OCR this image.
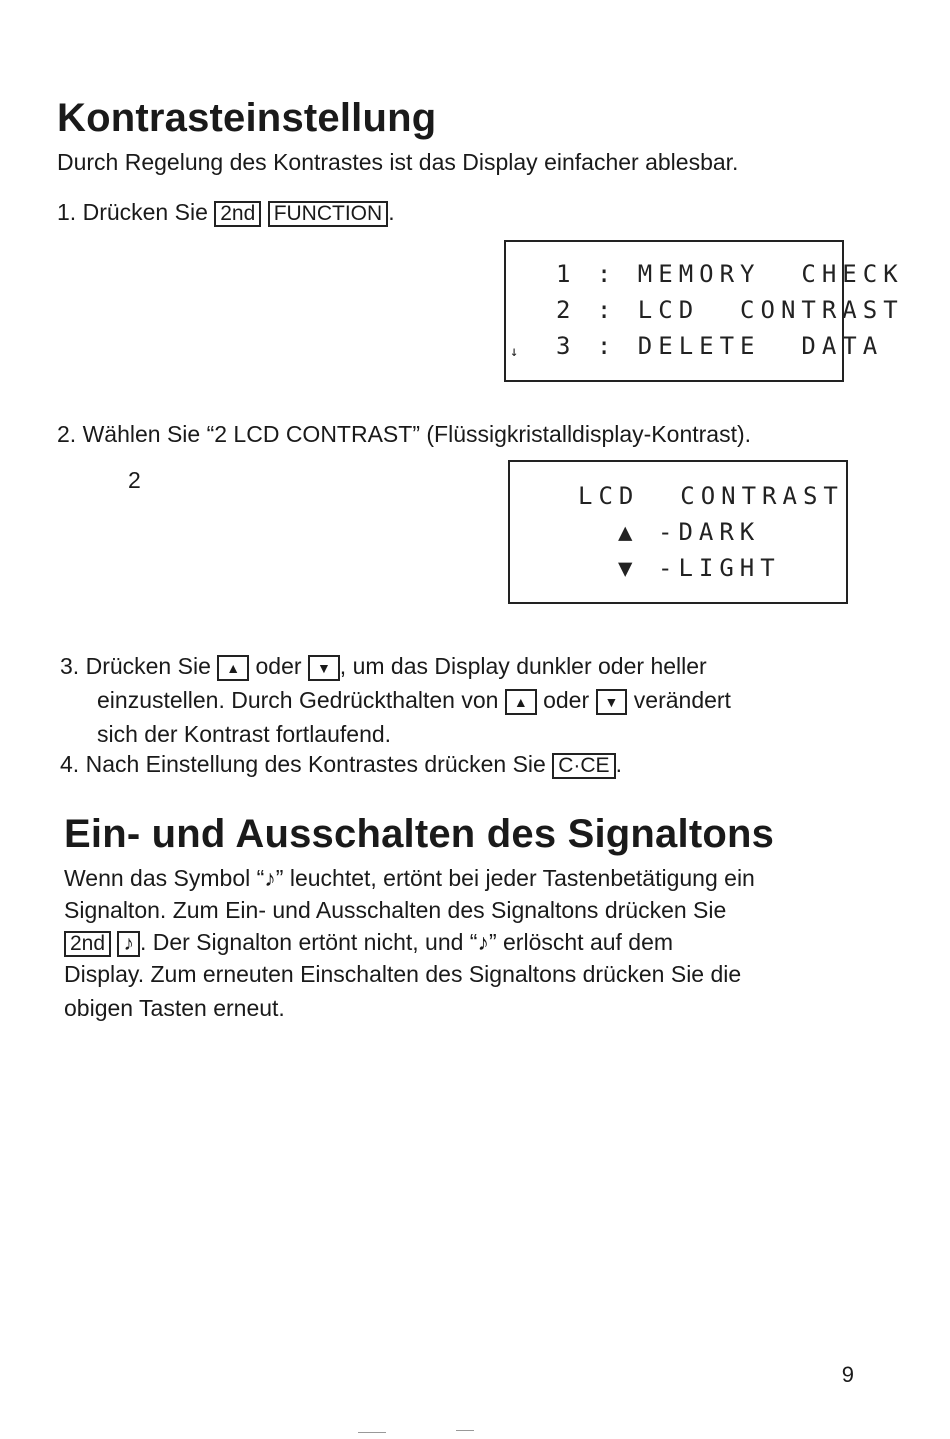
Kontrasteinstellung
Durch Regelung des Kontrastes ist das Display einfacher ablesbar.
1. Drücken Sie 2nd FUNCTION .
1 : MEMORY  CHECK
2 : LCD  CONTRAST
3 : DELETE  DATA
↓
2. Wählen Sie “2 LCD CONTRAST” (Flüssigkristalldisplay-Kontrast).
2
LCD  CONTRAST
▲ -DARK
▼ -LIGHT
3. Drücken Sie ▲ oder ▼ , um das Display dunkler oder heller
einzustellen. Durch Gedrückthalten von ▲ oder ▼ verändert
sich der Kontrast fortlaufend.
4. Nach Einstellung des Kontrastes drücken Sie C·CE .
Ein- und Ausschalten des Signaltons
Wenn das Symbol “♪” leuchtet, ertönt bei jeder Tastenbetätigung ein
Signalton. Zum Ein- und Ausschalten des Signaltons drücken Sie
2nd ♪ . Der Signalton ertönt nicht, und “♪” erlöscht auf dem
Display. Zum erneuten Einschalten des Signaltons drücken Sie die
obigen Tasten erneut.
9
